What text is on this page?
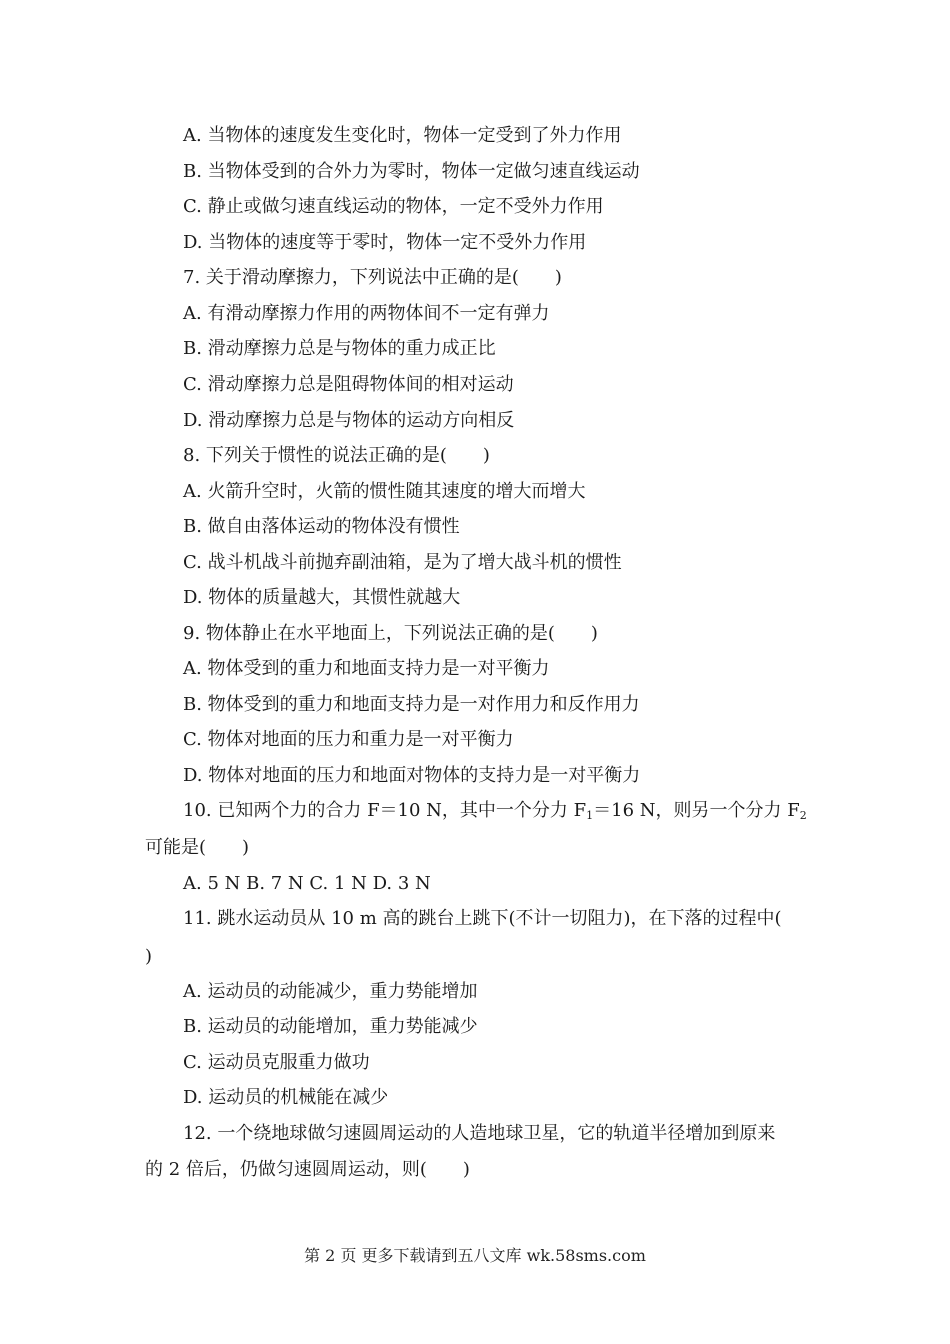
A. 当物体的速度发生变化时，物体一定受到了外力作用
B. 当物体受到的合外力为零时，物体一定做匀速直线运动
C. 静止或做匀速直线运动的物体，一定不受外力作用
D. 当物体的速度等于零时，物体一定不受外力作用
7. 关于滑动摩擦力，下列说法中正确的是(　　)
A. 有滑动摩擦力作用的两物体间不一定有弹力
B. 滑动摩擦力总是与物体的重力成正比
C. 滑动摩擦力总是阻碍物体间的相对运动
D. 滑动摩擦力总是与物体的运动方向相反
8. 下列关于惯性的说法正确的是(　　)
A. 火箭升空时，火箭的惯性随其速度的增大而增大
B. 做自由落体运动的物体没有惯性
C. 战斗机战斗前抛弃副油箱，是为了增大战斗机的惯性
D. 物体的质量越大，其惯性就越大
9. 物体静止在水平地面上，下列说法正确的是(　　)
A. 物体受到的重力和地面支持力是一对平衡力
B. 物体受到的重力和地面支持力是一对作用力和反作用力
C. 物体对地面的压力和重力是一对平衡力
D. 物体对地面的压力和地面对物体的支持力是一对平衡力
10. 已知两个力的合力 F＝10 N，其中一个分力 $F_1=16$ N，则另一个分力 $F_2$
可能是(　　)
A. 5 N B. 7 N C. 1 N D. 3 N
11. 跳水运动员从 10 m 高的跳台上跳下(不计一切阻力)，在下落的过程中(
)
A. 运动员的动能减少，重力势能增加
B. 运动员的动能增加，重力势能减少
C. 运动员克服重力做功
D. 运动员的机械能在减少
12. 一个绕地球做匀速圆周运动的人造地球卫星，它的轨道半径增加到原来
的 2 倍后，仍做匀速圆周运动，则(　　)
第 2 页 更多下载请到五八文库 wk.58sms.com
